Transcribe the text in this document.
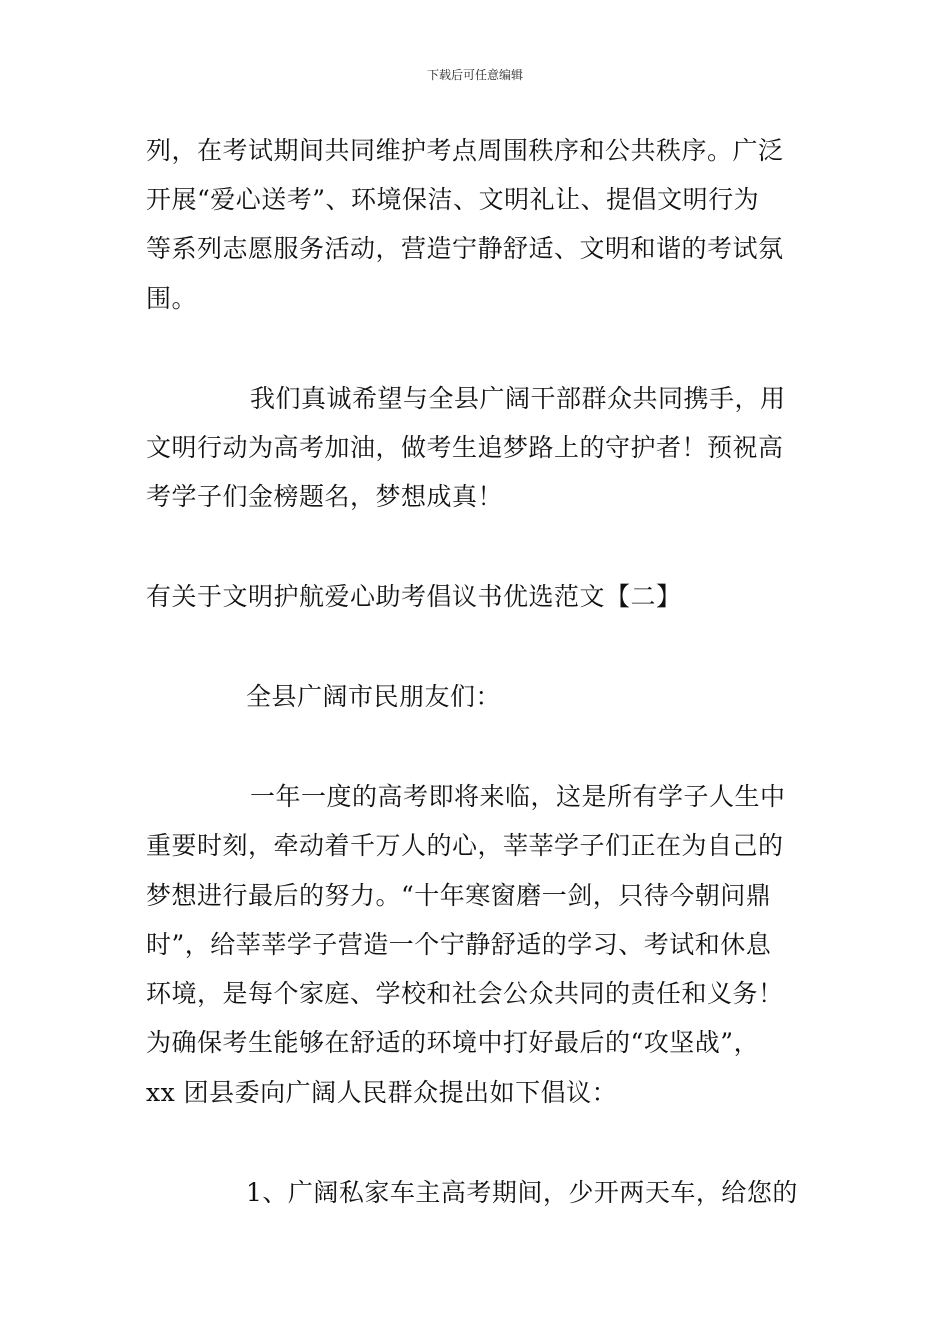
下载后可任意编辑
列，在考试期间共同维护考点周围秩序和公共秩序。广泛
开展“爱心送考”、环境保洁、文明礼让、提倡文明行为
等系列志愿服务活动，营造宁静舒适、文明和谐的考试氛
围。
我们真诚希望与全县广阔干部群众共同携手，用
文明行动为高考加油，做考生追梦路上的守护者！预祝高
考学子们金榜题名，梦想成真！
有关于文明护航爱心助考倡议书优选范文【二】
全县广阔市民朋友们：
一年一度的高考即将来临，这是所有学子人生中
重要时刻，牵动着千万人的心，莘莘学子们正在为自己的
梦想进行最后的努力。“十年寒窗磨一剑，只待今朝问鼎
时”，给莘莘学子营造一个宁静舒适的学习、考试和休息
环境，是每个家庭、学校和社会公众共同的责任和义务！
为确保考生能够在舒适的环境中打好最后的“攻坚战”，
xx 团县委向广阔人民群众提出如下倡议：
1、广阔私家车主高考期间，少开两天车，给您的
